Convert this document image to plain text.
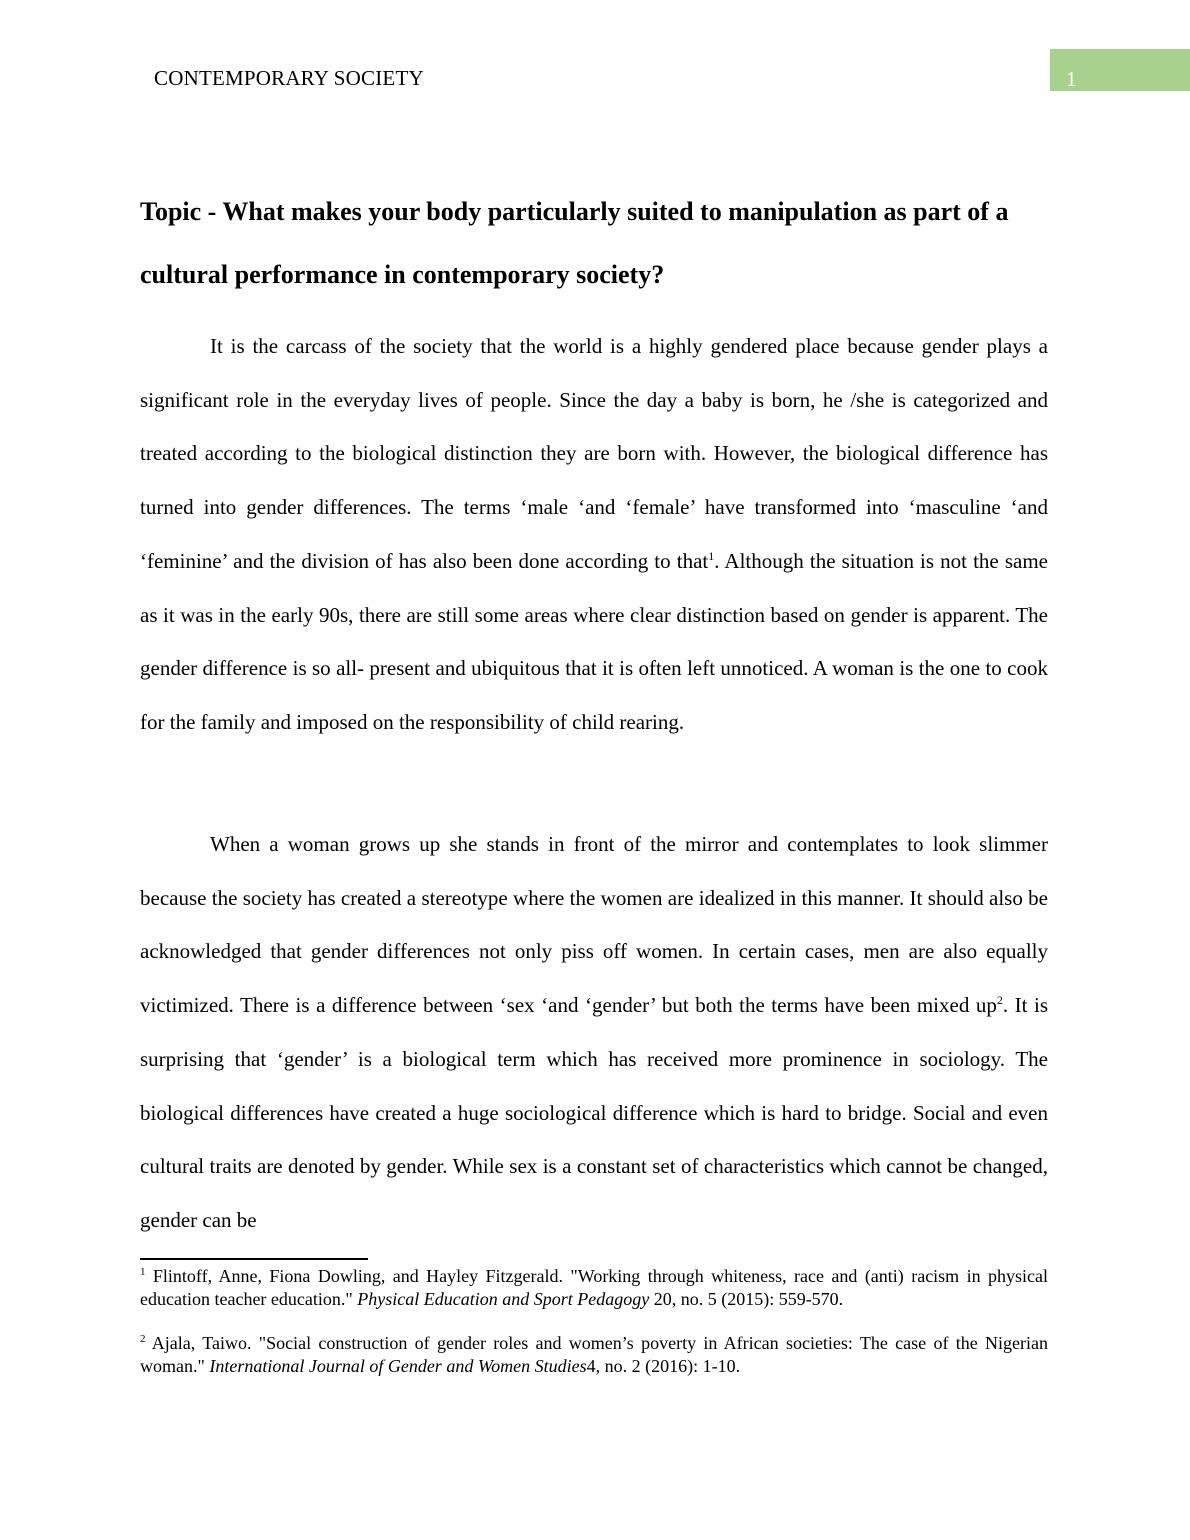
CONTEMPORARY SOCIETY	1
Topic - What makes your body particularly suited to manipulation as part of a cultural performance in contemporary society?

It is the carcass of the society that the world is a highly gendered place because gender plays a significant role in the everyday lives of people. Since the day a baby is born, he /she is categorized and treated according to the biological distinction they are born with. However, the biological difference has turned into gender differences. The terms ‘male ‘and ‘female’ have transformed into ‘masculine ‘and ‘feminine’ and the division of has also been done according to that$^1$. Although the situation is not the same as it was in the early 90s, there are still some areas where clear distinction based on gender is apparent. The gender difference is so all- present and ubiquitous that it is often left unnoticed. A woman is the one to cook for the family and imposed on the responsibility of child rearing.

When a woman grows up she stands in front of the mirror and contemplates to look slimmer because the society has created a stereotype where the women are idealized in this manner. It should also be acknowledged that gender differences not only piss off women. In certain cases, men are also equally victimized. There is a difference between ‘sex ‘and ‘gender’ but both the terms have been mixed $up^2$. It is surprising that ‘gender’ is a biological term which has received more prominence in sociology. The biological differences have created a huge sociological difference which is hard to bridge. Social and even cultural traits are denoted by gender. While sex is a constant set of characteristics which cannot be changed, gender can be

$^1$ Flintoff, Anne, Fiona Dowling, and Hayley Fitzgerald. "Working through whiteness, race and (anti) racism in physical education teacher education." Physical Education and Sport Pedagogy 20, no. 5 (2015): 559-570.

$^2$ Ajala, Taiwo. "Social construction of gender roles and women’s poverty in African societies: The case of the Nigerian woman." International Journal of Gender and Women Studies4, no. 2 (2016): 1-10.
